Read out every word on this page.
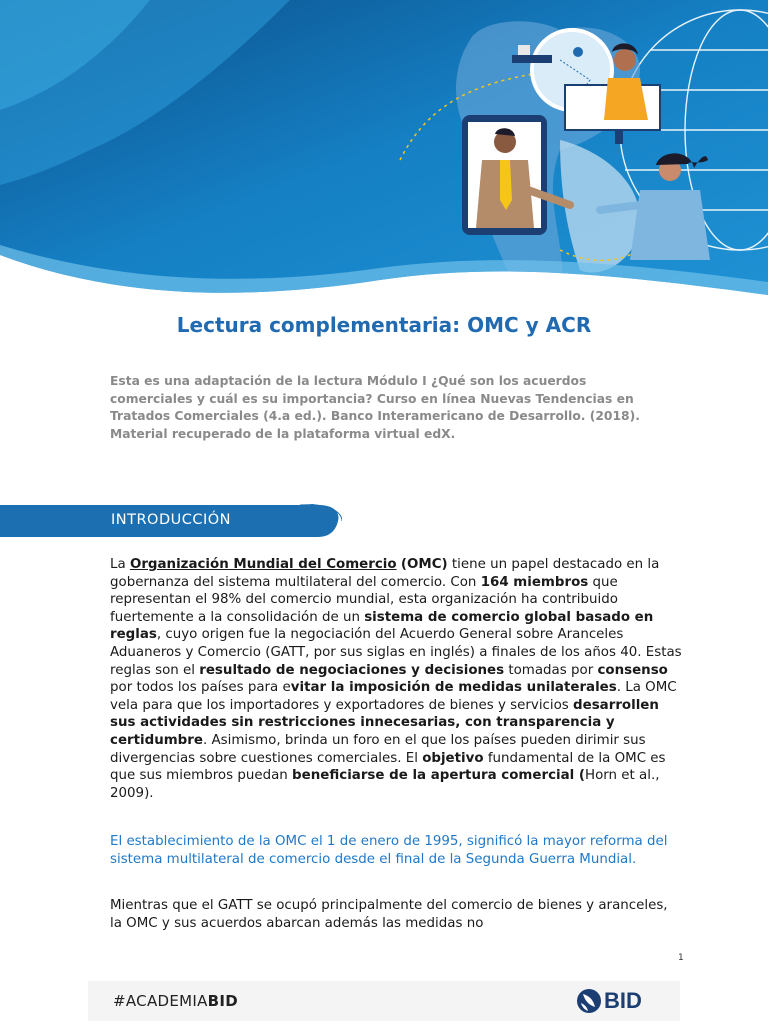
Lectura complementaria: OMC y ACR

Esta es una adaptación de la lectura Módulo I ¿Qué son los acuerdos comerciales y cuál es su importancia? Curso en línea Nuevas Tendencias en Tratados Comerciales (4.a ed.). Banco Interamericano de Desarrollo. (2018). Material recuperado de la plataforma virtual edX.

INTRODUCCIÓN

La Organización Mundial del Comercio (OMC) tiene un papel destacado en la gobernanza del sistema multilateral del comercio. Con 164 miembros que representan el 98% del comercio mundial, esta organización ha contribuido fuertemente a la consolidación de un sistema de comercio global basado en reglas, cuyo origen fue la negociación del Acuerdo General sobre Aranceles Aduaneros y Comercio (GATT, por sus siglas en inglés) a finales de los años 40. Estas reglas son el resultado de negociaciones y decisiones tomadas por consenso por todos los países para evitar la imposición de medidas unilaterales. La OMC vela para que los importadores y exportadores de bienes y servicios desarrollen sus actividades sin restricciones innecesarias, con transparencia y certidumbre. Asimismo, brinda un foro en el que los países pueden dirimir sus divergencias sobre cuestiones comerciales. El objetivo fundamental de la OMC es que sus miembros puedan beneficiarse de la apertura comercial (Horn et al., 2009).

El establecimiento de la OMC el 1 de enero de 1995, significó la mayor reforma del sistema multilateral de comercio desde el final de la Segunda Guerra Mundial.

Mientras que el GATT se ocupó principalmente del comercio de bienes y aranceles, la OMC y sus acuerdos abarcan además las medidas no

1
#ACADEMIABID	BID
